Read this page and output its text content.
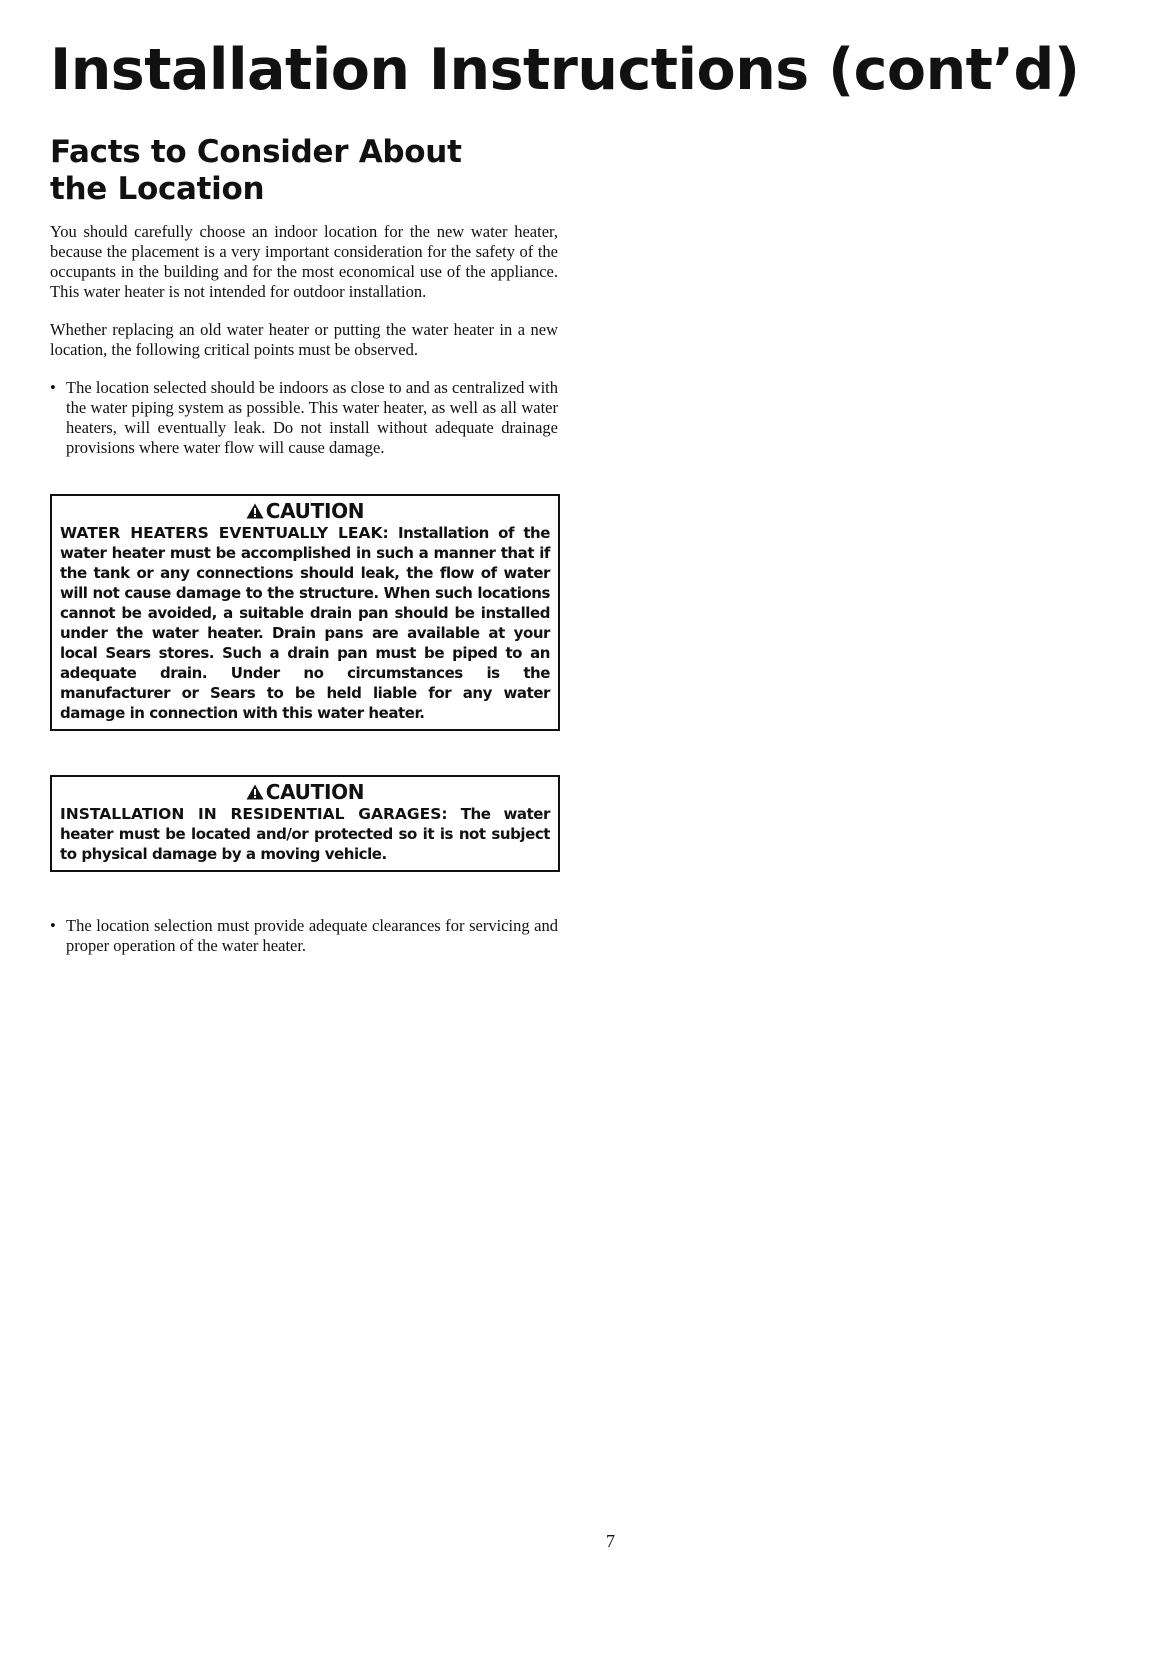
Installation Instructions (cont’d)
Facts to Consider About
the Location

You should carefully choose an indoor location for the new water heater, because the placement is a very important consideration for the safety of the occupants in the building and for the most economical use of the appliance. This water heater is not intended for outdoor installation.

Whether replacing an old water heater or putting the water heater in a new location, the following critical points must be observed.

• The location selected should be indoors as close to and as centralized with the water piping system as possible. This water heater, as well as all water heaters, will eventually leak. Do not install without adequate drainage provisions where water flow will cause damage.

CAUTION

WATER HEATERS EVENTUALLY LEAK: Installation of the water heater must be accomplished in such a manner that if the tank or any connections should leak, the flow of water will not cause damage to the structure. When such locations cannot be avoided, a suitable drain pan should be installed under the water heater. Drain pans are available at your local Sears stores. Such a drain pan must be piped to an adequate drain. Under no circumstances is the manufacturer or Sears to be held liable for any water damage in connection with this water heater.

CAUTION

INSTALLATION IN RESIDENTIAL GARAGES: The water heater must be located and/or protected so it is not subject to physical damage by a moving vehicle.

• The location selection must provide adequate clearances for servicing and proper operation of the water heater.

7
